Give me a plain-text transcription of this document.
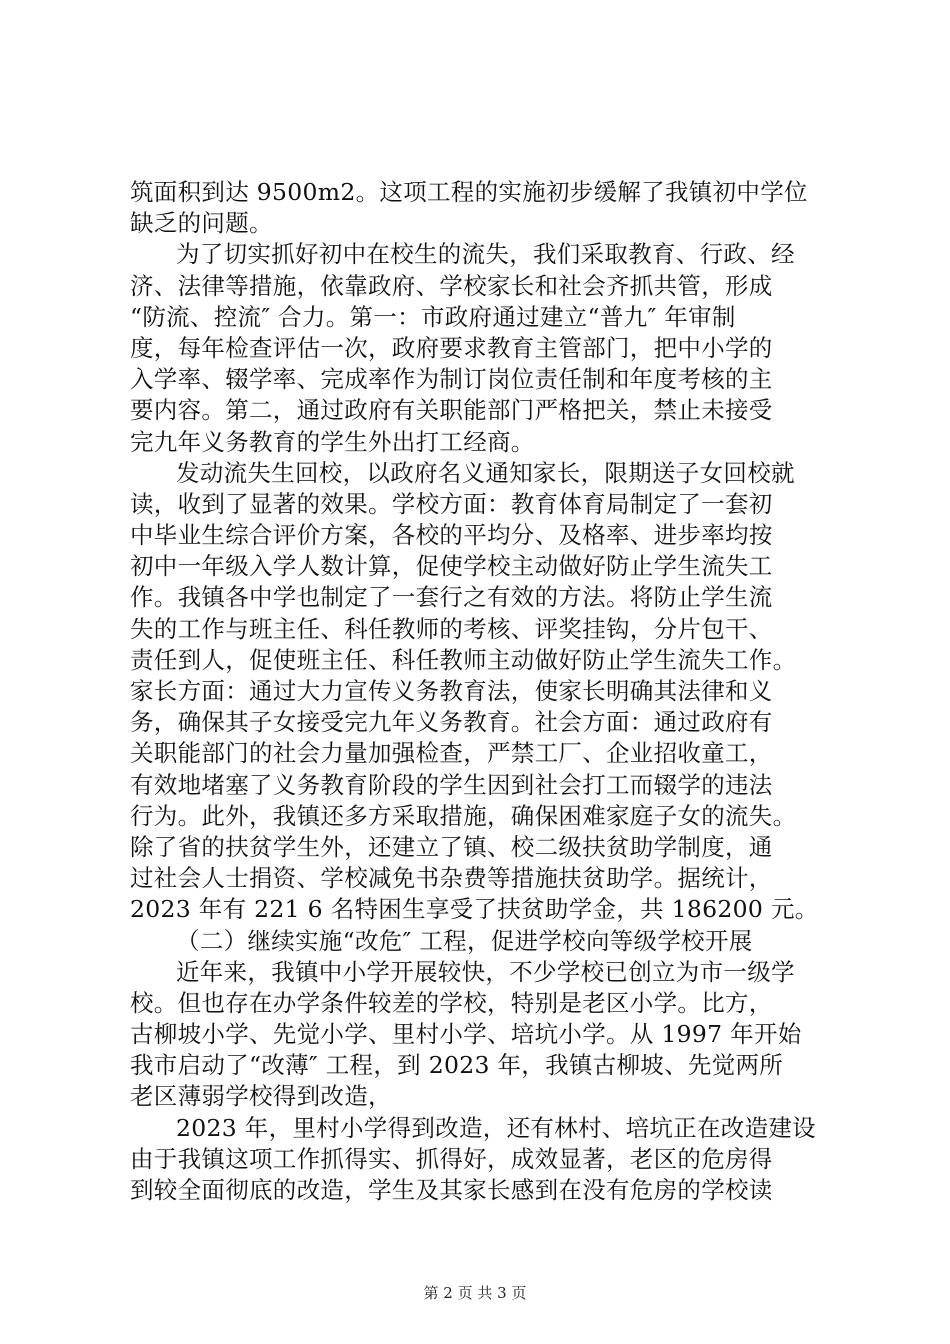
筑面积到达 9500m2。这项工程的实施初步缓解了我镇初中学位
缺乏的问题。
为了切实抓好初中在校生的流失，我们采取教育、行政、经
济、法律等措施，依靠政府、学校家长和社会齐抓共管，形成
“防流、控流″ 合力。第一：市政府通过建立“普九″ 年审制
度，每年检查评估一次，政府要求教育主管部门，把中小学的
入学率、辍学率、完成率作为制订岗位责任制和年度考核的主
要内容。第二，通过政府有关职能部门严格把关，禁止未接受
完九年义务教育的学生外出打工经商。
发动流失生回校，以政府名义通知家长，限期送子女回校就
读，收到了显著的效果。学校方面：教育体育局制定了一套初
中毕业生综合评价方案，各校的平均分、及格率、进步率均按
初中一年级入学人数计算，促使学校主动做好防止学生流失工
作。我镇各中学也制定了一套行之有效的方法。将防止学生流
失的工作与班主任、科任教师的考核、评奖挂钩，分片包干、
责任到人，促使班主任、科任教师主动做好防止学生流失工作。
家长方面：通过大力宣传义务教育法，使家长明确其法律和义
务，确保其子女接受完九年义务教育。社会方面：通过政府有
关职能部门的社会力量加强检查，严禁工厂、企业招收童工，
有效地堵塞了义务教育阶段的学生因到社会打工而辍学的违法
行为。此外，我镇还多方采取措施，确保困难家庭子女的流失。
除了省的扶贫学生外，还建立了镇、校二级扶贫助学制度，通
过社会人士捐资、学校减免书杂费等措施扶贫助学。据统计，
2023 年有 221 6 名特困生享受了扶贫助学金，共 186200 元。
（二）继续实施“改危″ 工程，促进学校向等级学校开展
近年来，我镇中小学开展较快，不少学校已创立为市一级学
校。但也存在办学条件较差的学校，特别是老区小学。比方，
古柳坡小学、先觉小学、里村小学、培坑小学。从 1997 年开始
我市启动了“改薄″ 工程，到 2023 年，我镇古柳坡、先觉两所
老区薄弱学校得到改造，
2023 年，里村小学得到改造，还有林村、培坑正在改造建设
由于我镇这项工作抓得实、抓得好，成效显著，老区的危房得
到较全面彻底的改造，学生及其家长感到在没有危房的学校读
第 2 页 共 3 页
